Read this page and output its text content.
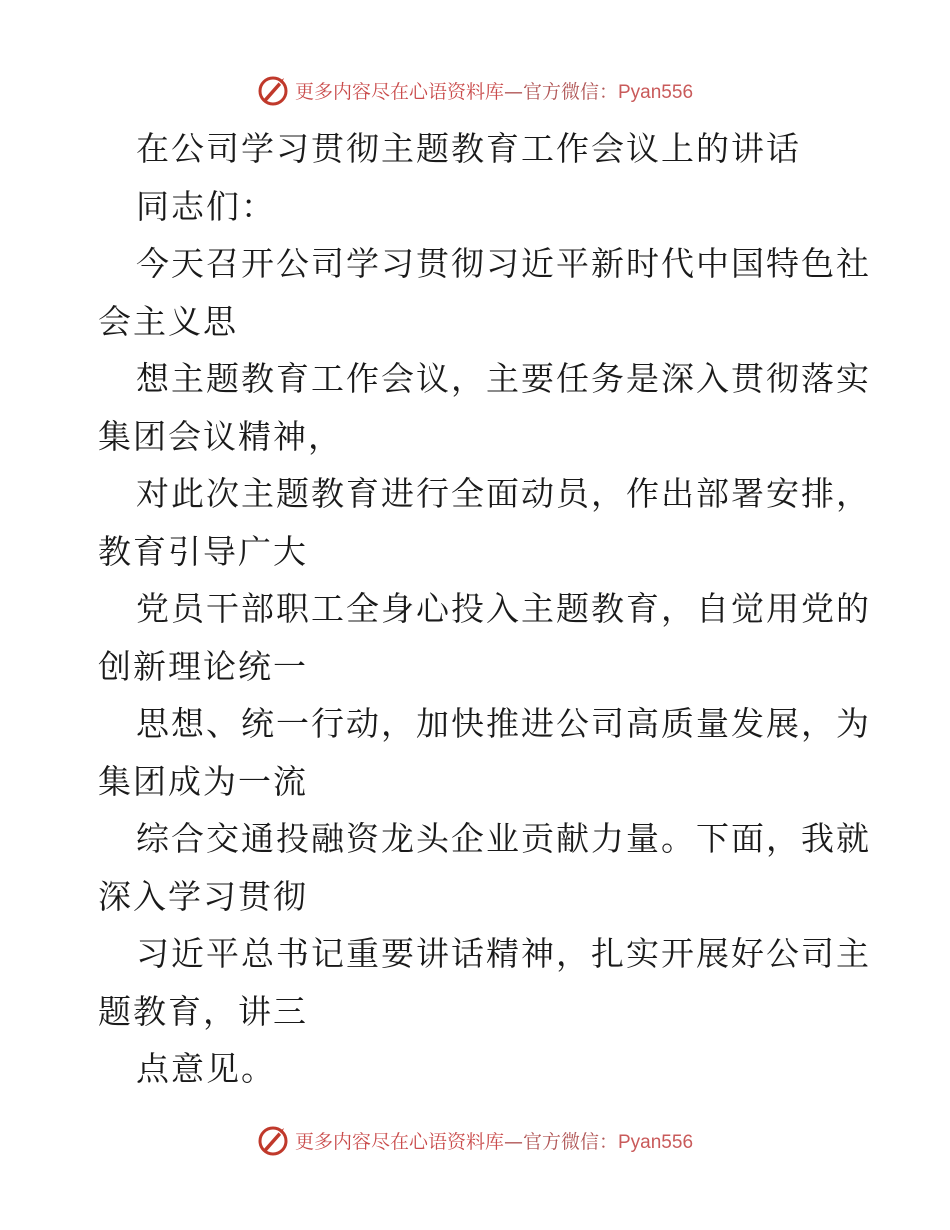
更多内容尽在心语资料库—官方微信：Pyan556
在公司学习贯彻主题教育工作会议上的讲话
同志们：
今天召开公司学习贯彻习近平新时代中国特色社
会主义思
想主题教育工作会议，主要任务是深入贯彻落实
集团会议精神，
对此次主题教育进行全面动员，作出部署安排，
教育引导广大
党员干部职工全身心投入主题教育，自觉用党的
创新理论统一
思想、统一行动，加快推进公司高质量发展，为
集团成为一流
综合交通投融资龙头企业贡献力量。下面，我就
深入学习贯彻
习近平总书记重要讲话精神，扎实开展好公司主
题教育，讲三
点意见。
更多内容尽在心语资料库—官方微信：Pyan556
